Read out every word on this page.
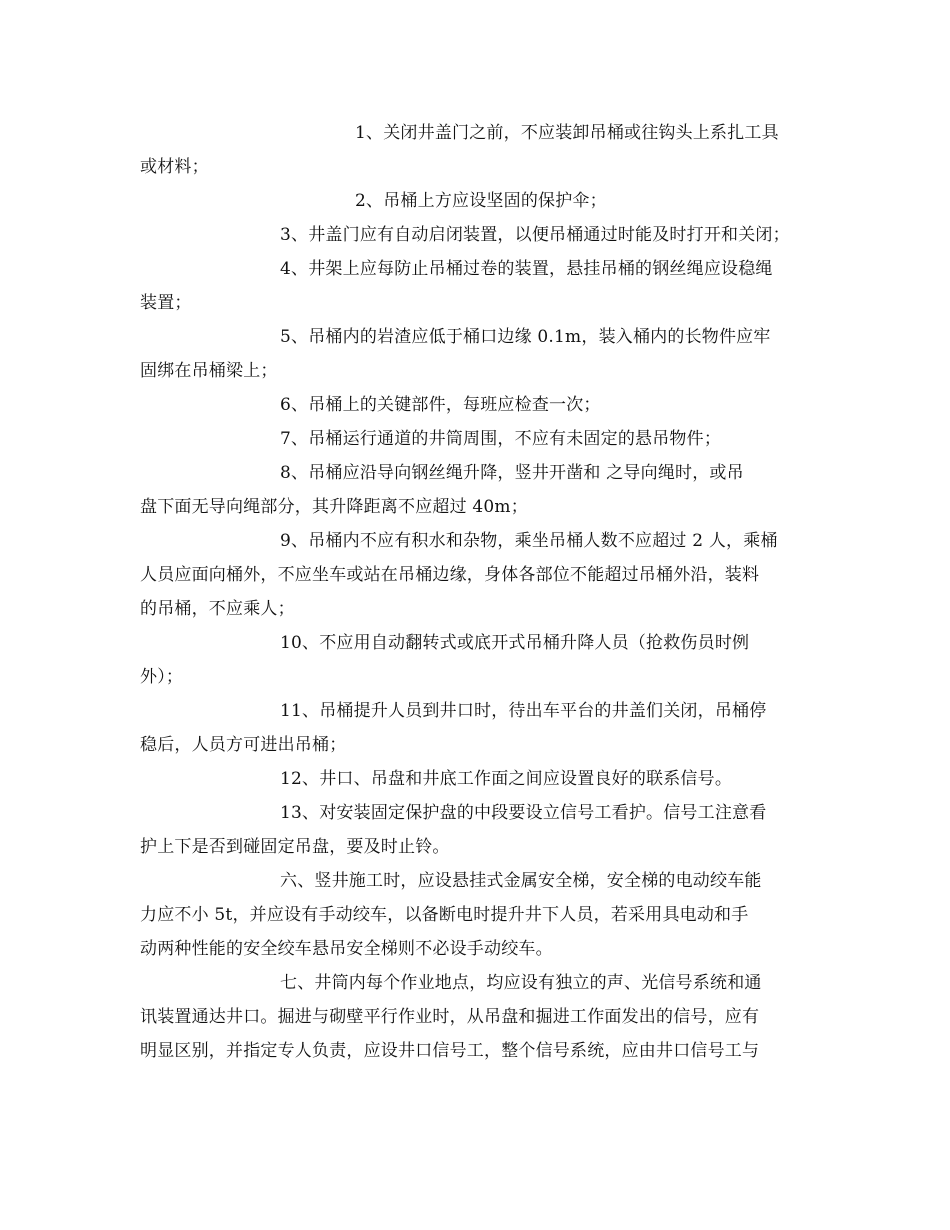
1、关闭井盖门之前，不应装卸吊桶或往钩头上系扎工具
或材料；
2、吊桶上方应设坚固的保护伞；
3、井盖门应有自动启闭装置，以便吊桶通过时能及时打开和关闭；
4、井架上应每防止吊桶过卷的装置，悬挂吊桶的钢丝绳应设稳绳
装置；
5、吊桶内的岩渣应低于桶口边缘 0.1m，装入桶内的长物件应牢
固绑在吊桶梁上；
6、吊桶上的关键部件，每班应检查一次；
7、吊桶运行通道的井筒周围，不应有未固定的悬吊物件；
8、吊桶应沿导向钢丝绳升降，竖井开凿和 之导向绳时，或吊
盘下面无导向绳部分，其升降距离不应超过 40m；
9、吊桶内不应有积水和杂物，乘坐吊桶人数不应超过 2 人，乘桶
人员应面向桶外，不应坐车或站在吊桶边缘，身体各部位不能超过吊桶外沿，装料
的吊桶，不应乘人；
10、不应用自动翻转式或底开式吊桶升降人员（抢救伤员时例
外）；
11、吊桶提升人员到井口时，待出车平台的井盖们关闭，吊桶停
稳后，人员方可进出吊桶；
12、井口、吊盘和井底工作面之间应设置良好的联系信号。
13、对安装固定保护盘的中段要设立信号工看护。信号工注意看
护上下是否到碰固定吊盘，要及时止铃。
六、竖井施工时，应设悬挂式金属安全梯，安全梯的电动绞车能
力应不小 5t，并应设有手动绞车，以备断电时提升井下人员，若采用具电动和手
动两种性能的安全绞车悬吊安全梯则不必设手动绞车。
七、井筒内每个作业地点，均应设有独立的声、光信号系统和通
讯装置通达井口。掘进与砌壁平行作业时，从吊盘和掘进工作面发出的信号，应有
明显区别，并指定专人负责，应设井口信号工，整个信号系统，应由井口信号工与
